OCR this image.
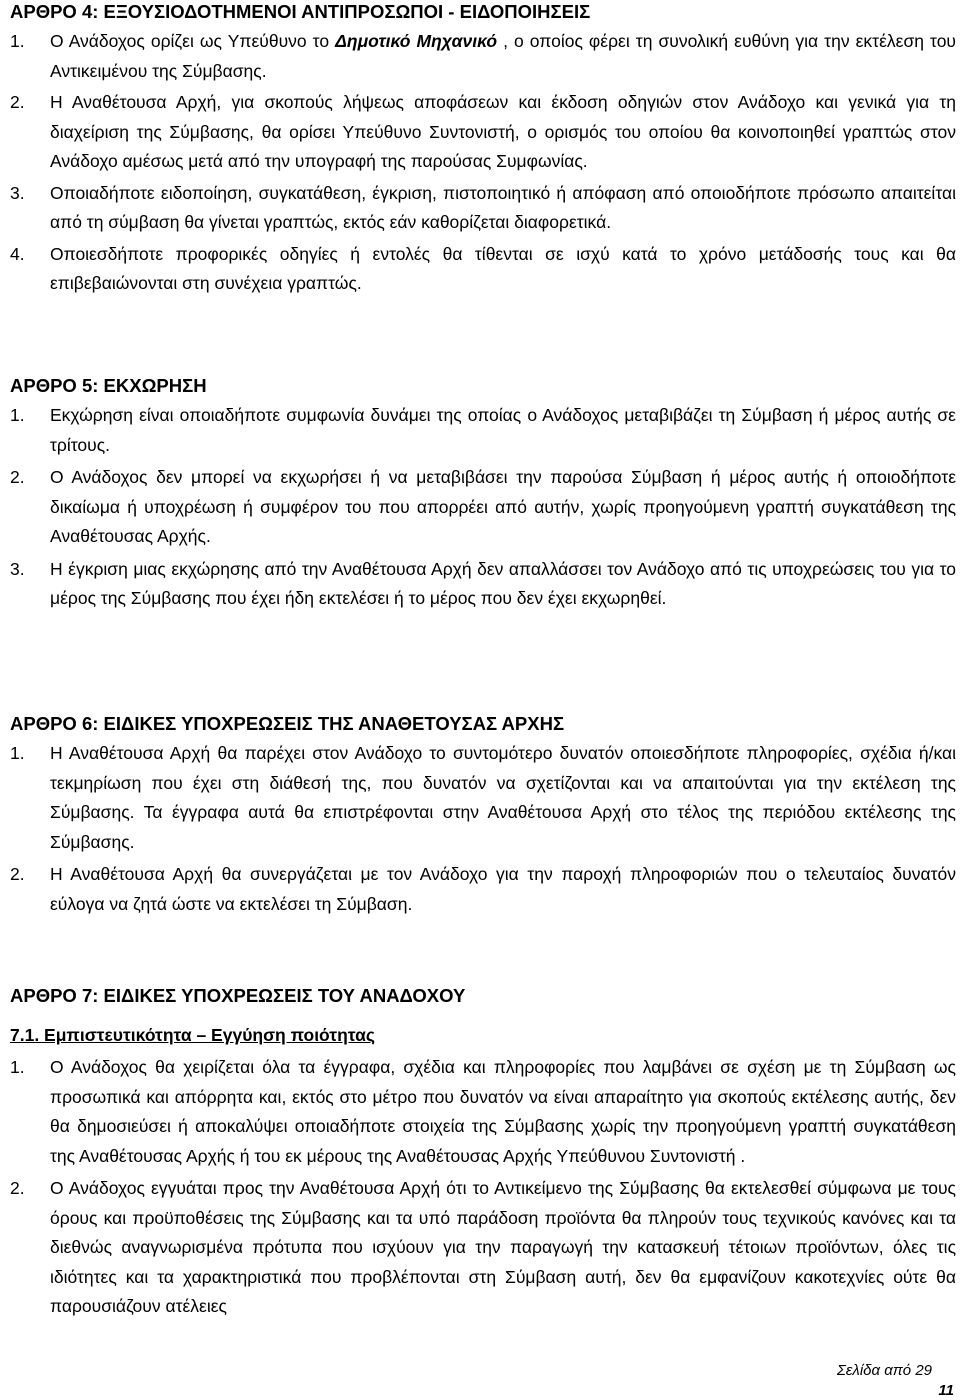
ΑΡΘΡΟ 4: ΕΞΟΥΣΙΟΔΟΤΗΜΕΝΟΙ ΑΝΤΙΠΡΟΣΩΠΟΙ - ΕΙΔΟΠΟΙΗΣΕΙΣ
1.	Ο Ανάδοχος ορίζει ως Υπεύθυνο το Δημοτικό Μηχανικό , ο οποίος φέρει τη συνολική ευθύνη για την εκτέλεση του Αντικειμένου της Σύμβασης.
2.	Η Αναθέτουσα Αρχή, για σκοπούς λήψεως αποφάσεων και έκδοση οδηγιών στον Ανάδοχο και γενικά για τη διαχείριση της Σύμβασης, θα ορίσει Υπεύθυνο Συντονιστή, ο ορισμός του οποίου θα κοινοποιηθεί γραπτώς στον Ανάδοχο αμέσως μετά από την υπογραφή της παρούσας Συμφωνίας.
3.	Οποιαδήποτε ειδοποίηση, συγκατάθεση, έγκριση, πιστοποιητικό ή απόφαση από οποιοδήποτε πρόσωπο απαιτείται από τη σύμβαση θα γίνεται γραπτώς, εκτός εάν καθορίζεται διαφορετικά.
4.	Οποιεσδήποτε προφορικές οδηγίες ή εντολές θα τίθενται σε ισχύ κατά το χρόνο μετάδοσής τους και θα επιβεβαιώνονται στη συνέχεια γραπτώς.
ΑΡΘΡΟ 5: ΕΚΧΩΡΗΣΗ
1.	Εκχώρηση είναι οποιαδήποτε συμφωνία δυνάμει της οποίας ο Ανάδοχος μεταβιβάζει τη Σύμβαση ή μέρος αυτής σε τρίτους.
2.	Ο Ανάδοχος δεν μπορεί να εκχωρήσει ή να μεταβιβάσει την παρούσα Σύμβαση ή μέρος αυτής ή οποιοδήποτε δικαίωμα ή υποχρέωση ή συμφέρον του που απορρέει από αυτήν, χωρίς προηγούμενη γραπτή συγκατάθεση της Αναθέτουσας Αρχής.
3.	Η έγκριση μιας εκχώρησης από την Αναθέτουσα Αρχή δεν απαλλάσσει τον Ανάδοχο από τις υποχρεώσεις του για το μέρος της Σύμβασης που έχει ήδη εκτελέσει ή το μέρος που δεν έχει εκχωρηθεί.
ΑΡΘΡΟ 6: ΕΙΔΙΚΕΣ ΥΠΟΧΡΕΩΣΕΙΣ ΤΗΣ ΑΝΑΘΕΤΟΥΣΑΣ ΑΡΧΗΣ
1.	Η Αναθέτουσα Αρχή θα παρέχει στον Ανάδοχο το συντομότερο δυνατόν οποιεσδήποτε πληροφορίες, σχέδια ή/και τεκμηρίωση που έχει στη διάθεσή της, που δυνατόν να σχετίζονται και να απαιτούνται για την εκτέλεση της Σύμβασης. Τα έγγραφα αυτά θα επιστρέφονται στην Αναθέτουσα Αρχή στο τέλος της περιόδου εκτέλεσης της Σύμβασης.
2.	Η Αναθέτουσα Αρχή θα συνεργάζεται με τον Ανάδοχο για την παροχή πληροφοριών που ο τελευταίος δυνατόν εύλογα να ζητά ώστε να εκτελέσει τη Σύμβαση.
ΑΡΘΡΟ 7: ΕΙΔΙΚΕΣ ΥΠΟΧΡΕΩΣΕΙΣ ΤΟΥ ΑΝΑΔΟΧΟΥ
7.1. Εμπιστευτικότητα – Εγγύηση ποιότητας
1.	Ο Ανάδοχος θα χειρίζεται όλα τα έγγραφα, σχέδια και πληροφορίες που λαμβάνει σε σχέση με τη Σύμβαση ως προσωπικά και απόρρητα και, εκτός στο μέτρο που δυνατόν να είναι απαραίτητο για σκοπούς εκτέλεσης αυτής, δεν θα δημοσιεύσει ή αποκαλύψει οποιαδήποτε στοιχεία της Σύμβασης χωρίς την προηγούμενη γραπτή συγκατάθεση της Αναθέτουσας Αρχής ή του εκ μέρους της Αναθέτουσας Αρχής Υπεύθυνου Συντονιστή .
2.	Ο Ανάδοχος εγγυάται προς την Αναθέτουσα Αρχή ότι το Αντικείμενο της Σύμβασης θα εκτελεσθεί σύμφωνα με τους όρους και προϋποθέσεις της Σύμβασης και τα υπό παράδοση προϊόντα θα πληρούν τους τεχνικούς κανόνες και τα διεθνώς αναγνωρισμένα πρότυπα που ισχύουν για την παραγωγή την κατασκευή τέτοιων προϊόντων, όλες τις ιδιότητες και τα χαρακτηριστικά που προβλέπονται στη Σύμβαση αυτή, δεν θα εμφανίζουν κακοτεχνίες ούτε θα παρουσιάζουν ατέλειες
Σελίδα από 29
11
